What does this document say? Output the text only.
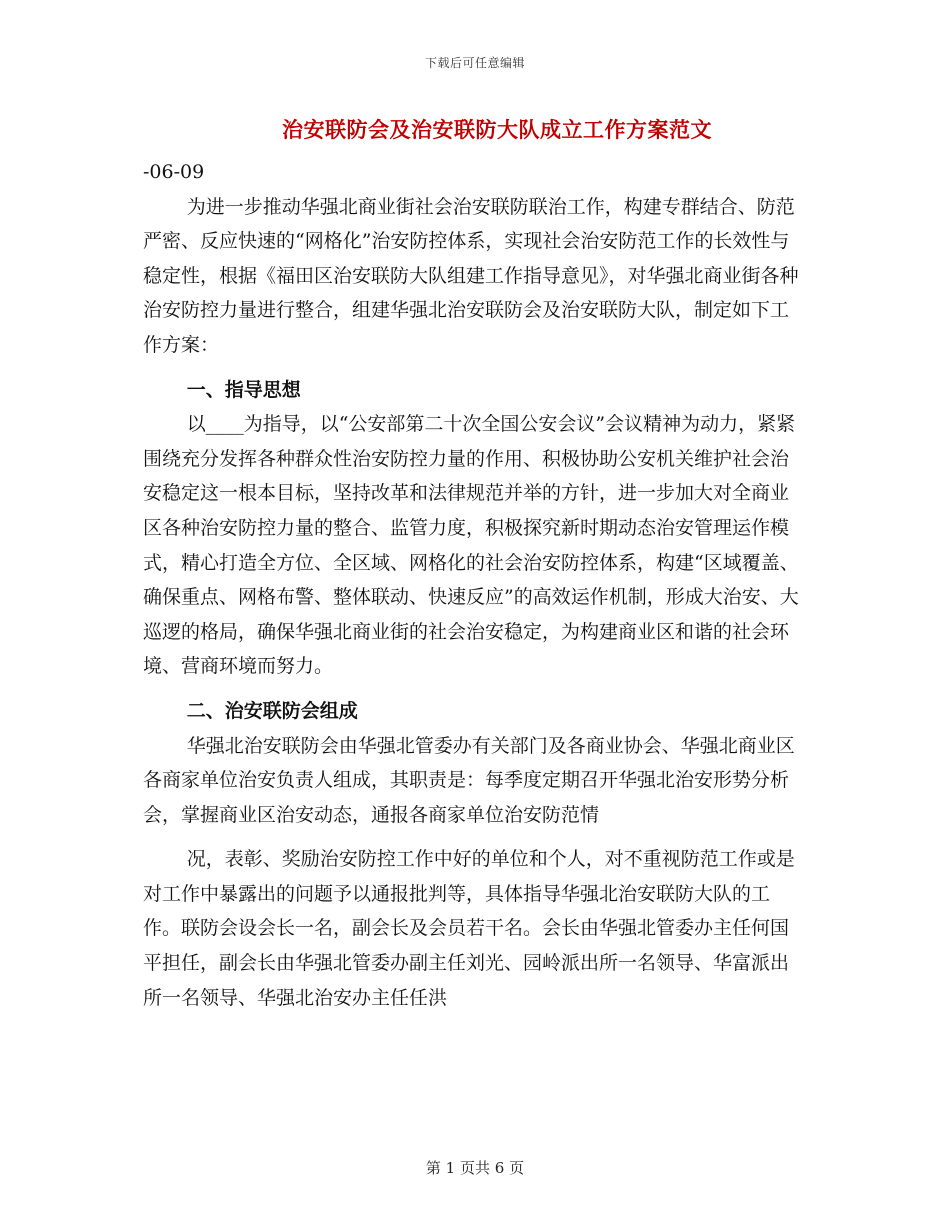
下载后可任意编辑
治安联防会及治安联防大队成立工作方案范文

-06-09

为进一步推动华强北商业街社会治安联防联治工作，构建专群结合、防范严密、反应快速的“网格化”治安防控体系，实现社会治安防范工作的长效性与稳定性，根据《福田区治安联防大队组建工作指导意见》，对华强北商业街各种治安防控力量进行整合，组建华强北治安联防会及治安联防大队，制定如下工作方案：

一、指导思想

以____为指导，以“公安部第二十次全国公安会议”会议精神为动力，紧紧围绕充分发挥各种群众性治安防控力量的作用、积极协助公安机关维护社会治安稳定这一根本目标，坚持改革和法律规范并举的方针，进一步加大对全商业区各种治安防控力量的整合、监管力度，积极探究新时期动态治安管理运作模式，精心打造全方位、全区域、网格化的社会治安防控体系，构建“区域覆盖、确保重点、网格布警、整体联动、快速反应”的高效运作机制，形成大治安、大巡逻的格局，确保华强北商业街的社会治安稳定，为构建商业区和谐的社会环境、营商环境而努力。

二、治安联防会组成

华强北治安联防会由华强北管委办有关部门及各商业协会、华强北商业区各商家单位治安负责人组成，其职责是：每季度定期召开华强北治安形势分析会，掌握商业区治安动态，通报各商家单位治安防范情

况，表彰、奖励治安防控工作中好的单位和个人，对不重视防范工作或是对工作中暴露出的问题予以通报批判等，具体指导华强北治安联防大队的工作。联防会设会长一名，副会长及会员若干名。会长由华强北管委办主任何国平担任，副会长由华强北管委办副主任刘光、园岭派出所一名领导、华富派出所一名领导、华强北治安办主任任洪

第 1 页共 6 页
